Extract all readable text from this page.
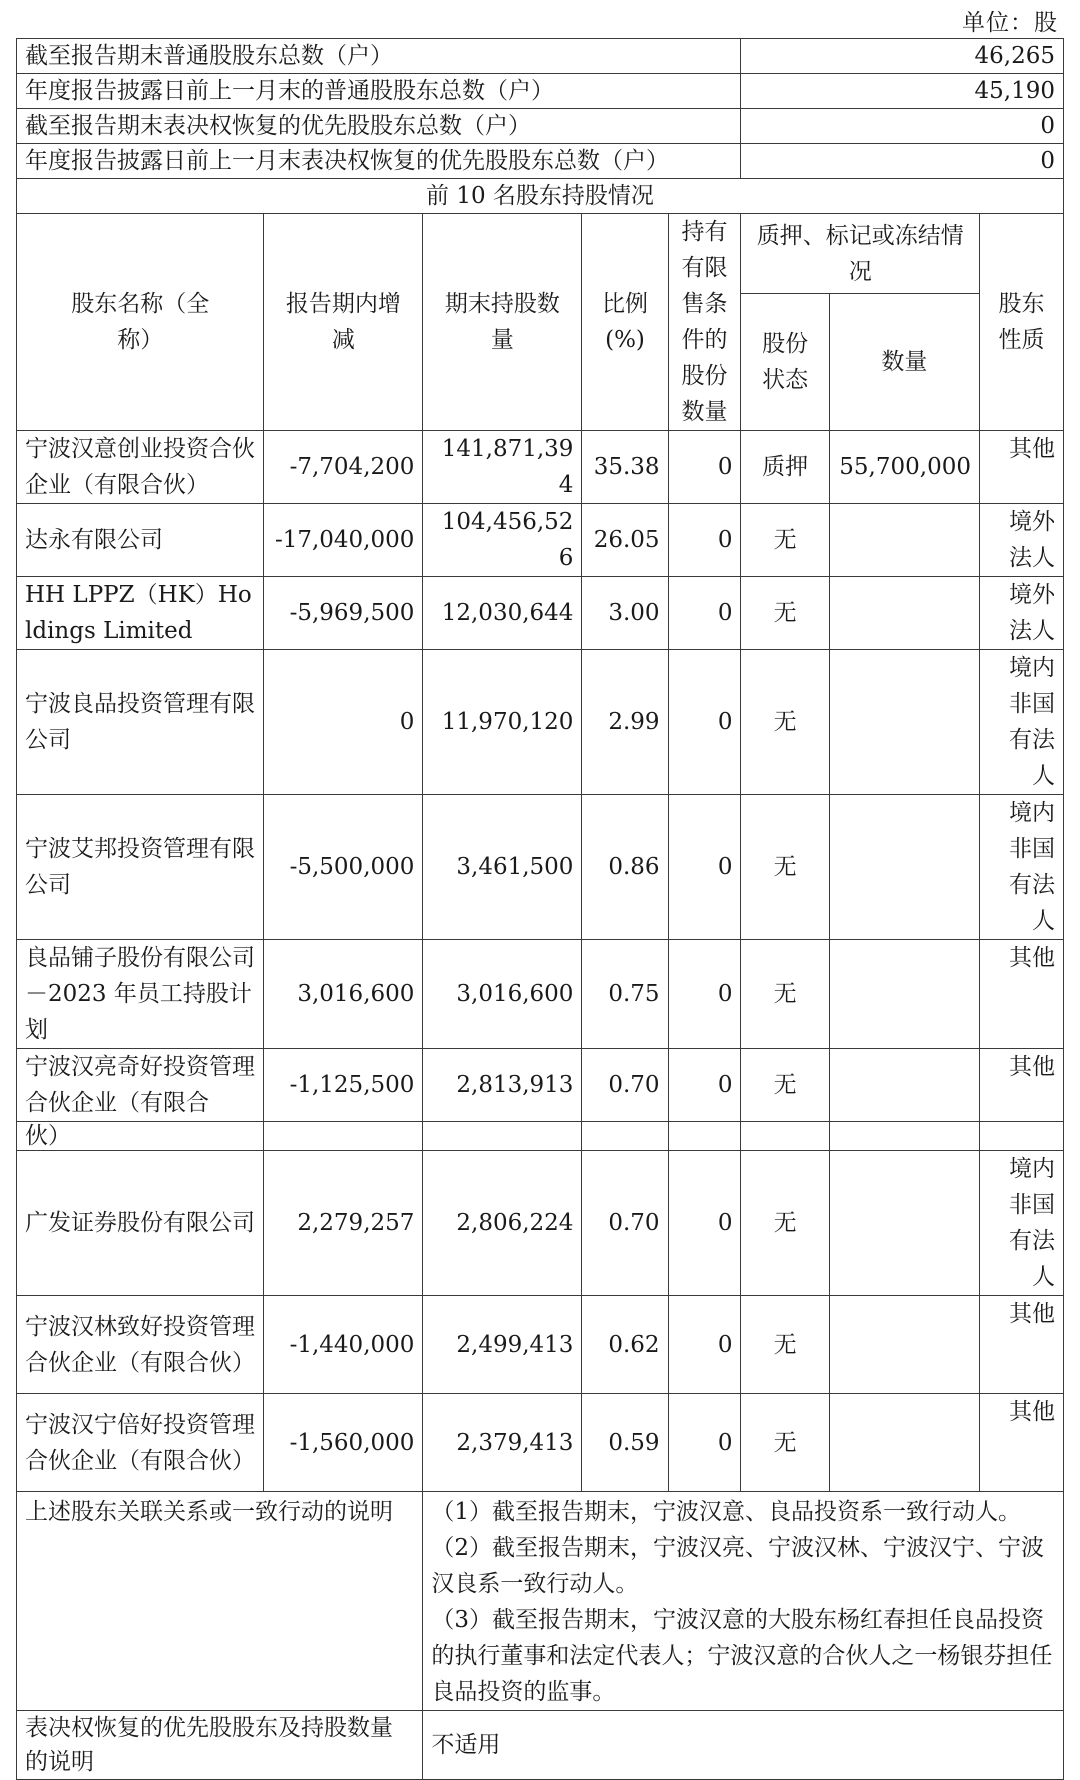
单位：股
截至报告期末普通股股东总数（户）					46,265		
年度报告披露日前上一月末的普通股股东总数（户）					45,190		
截至报告期末表决权恢复的优先股股东总数（户）					0		
年度报告披露日前上一月末表决权恢复的优先股股东总数（户）					0		
前 10 名股东持股情况							
股东名称（全称）	报告期内增减	期末持股数量	比例(%)	持有有限售条件的股份数量	质押、标记或冻结情况		股东性质
					股份状态	数量	
宁波汉意创业投资合伙企业（有限合伙）	-7,704,200	141,871,394	35.38	0	质押	55,700,000	其他
达永有限公司	-17,040,000	104,456,526	26.05	0	无		境外法人
HH LPPZ（HK）Holdings Limited	-5,969,500	12,030,644	3.00	0	无		境外法人
宁波良品投资管理有限公司	0	11,970,120	2.99	0	无		境内非国有法人
宁波艾邦投资管理有限公司	-5,500,000	3,461,500	0.86	0	无		境内非国有法人
良品铺子股份有限公司－2023 年员工持股计划	3,016,600	3,016,600	0.75	0	无		其他
宁波汉亮奇好投资管理合伙企业（有限合	-1,125,500	2,813,913	0.70	0	无		其他
伙）							
广发证券股份有限公司	2,279,257	2,806,224	0.70	0	无		境内非国有法人
宁波汉林致好投资管理合伙企业（有限合伙）	-1,440,000	2,499,413	0.62	0	无		其他
宁波汉宁倍好投资管理合伙企业（有限合伙）	-1,560,000	2,379,413	0.59	0	无		其他
上述股东关联关系或一致行动的说明		（1）截至报告期末，宁波汉意、良品投资系一致行动人。
（2）截至报告期末，宁波汉亮、宁波汉林、宁波汉宁、宁波汉良系一致行动人。
（3）截至报告期末，宁波汉意的大股东杨红春担任良品投资的执行董事和法定代表人；宁波汉意的合伙人之一杨银芬担任良品投资的监事。					

表决权恢复的优先股股东及持股数量的说明		不适用					
